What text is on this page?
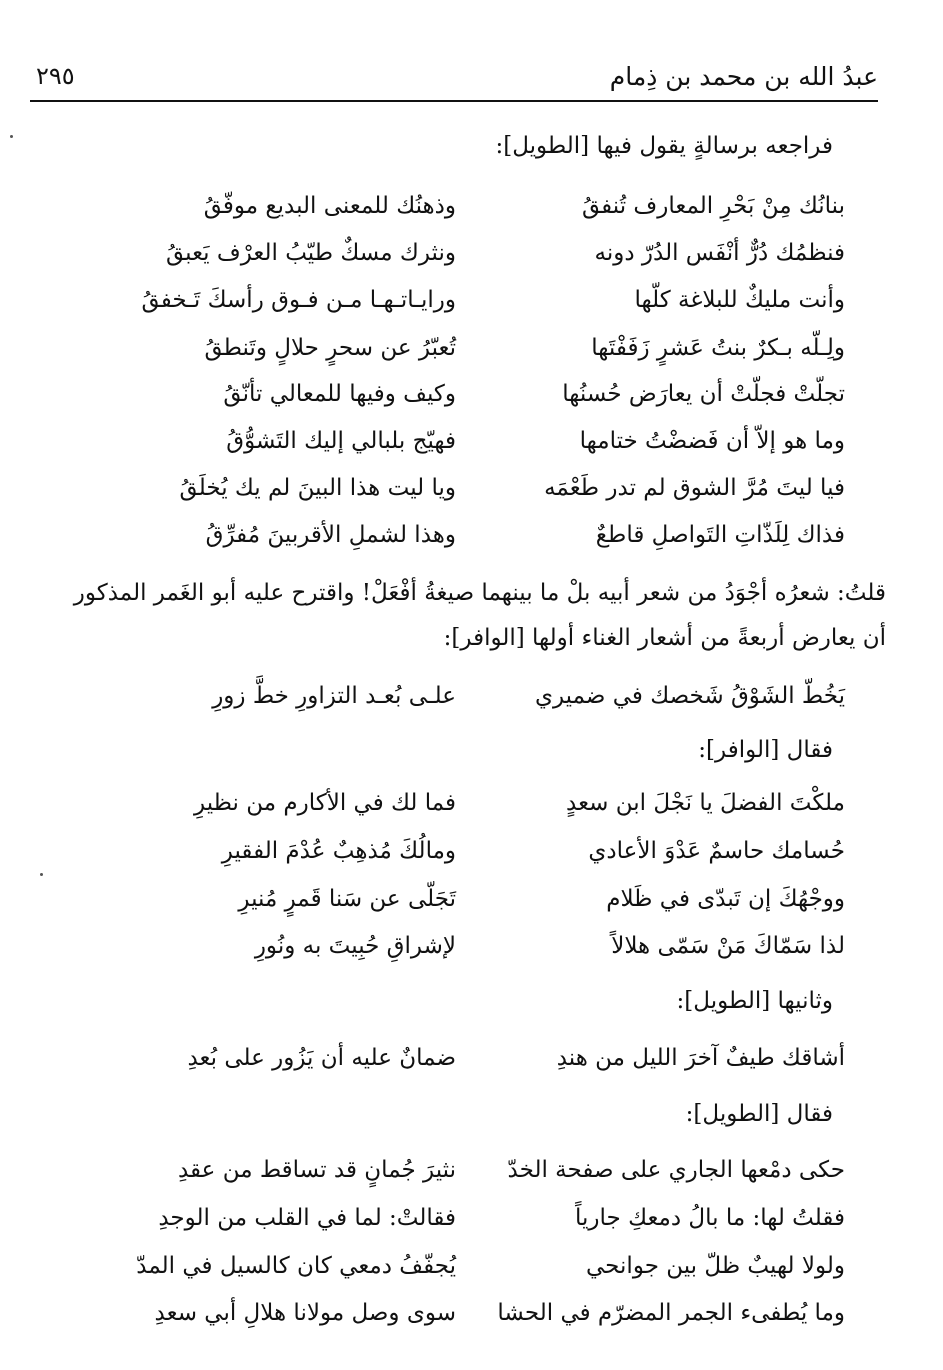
عبدُ الله بن محمد بن ذِمام
٢٩٥
فراجعه برسالةٍ يقول فيها [الطويل]:
بنانُك مِنْ بَحْرِ المعارف تُنفقُ
وذهنُك للمعنى البديع موفّقُ
فنظمُك دُرٌّ أنْفَس الدُرّ دونه
ونثرك مسكٌ طيّبُ العرْف يَعبقُ
وأنت مليكٌ للبلاغة كلّها
ورايـاتـهـا مـن فـوق رأسكَ تَـخفقُ
ولِـلّه بـكرٌ بنتُ عَشرٍ زَفَفْتَها
تُعبّرُ عن سحرٍ حلالٍ وتَنطقُ
تجلّتْ فجلّتْ أن يعارَض حُسنُها
وكيف وفيها للمعالي تأنّقُ
وما هو إلاّ أن فَضضْتُ ختامها
فهيّج بلبالي إليك التَشوُّقُ
فيا ليتَ مُرَّ الشوق لم تدر طَعْمَه
ويا ليت هذا البينَ لم يك يُخلَقُ
فذاك لِلَذّاتِ التَواصلِ قاطعٌ
وهذا لشملِ الأقربينَ مُفرِّقُ
قلتُ: شعرُه أجْوَدُ من شعر أبيه بلْ ما بينهما صيغةُ أفْعَلْ! واقترح عليه أبو الغَمر المذكور
أن يعارض أربعةً من أشعار الغناء أولها [الوافر]:
يَخُطّ الشَوْقُ شَخصك في ضميري
علـى بُعـد التزاورِ خطَّ زورِ
فقال [الوافر]:
ملكْتَ الفضلَ يا نَجْلَ ابن سعدٍ
فما لك في الأكارم من نظيرِ
حُسامك حاسمٌ عَدْوَ الأعادي
ومالُكَ مُذهِبٌ عُدْمَ الفقيرِ
ووجْهُكَ إن تَبدّى في ظَلام
تَجَلّى عن سَنا قَمرٍ مُنيرِ
لذا سَمّاكَ مَنْ سَمّى هلالاً
لإشراقِ حُبِيتَ به ونُورِ
وثانيها [الطويل]:
أشاقك طيفٌ آخرَ الليل من هندِ
ضمانٌ عليه أن يَزُور على بُعدِ
فقال [الطويل]:
حكى دمْعها الجاري على صفحة الخدّ
نثيرَ جُمانٍ قد تساقط من عقدِ
فقلتُ لها: ما بالُ دمعكِ جارياً
فقالتْ: لما في القلب من الوجدِ
ولولا لهيبٌ ظلّ بين جوانحي
يُجفّفُ دمعي كان كالسيل في المدّ
وما يُطفىء الجمر المضرّم في الحشا
سوى وصل مولانا هلالِ أبي سعدِ
